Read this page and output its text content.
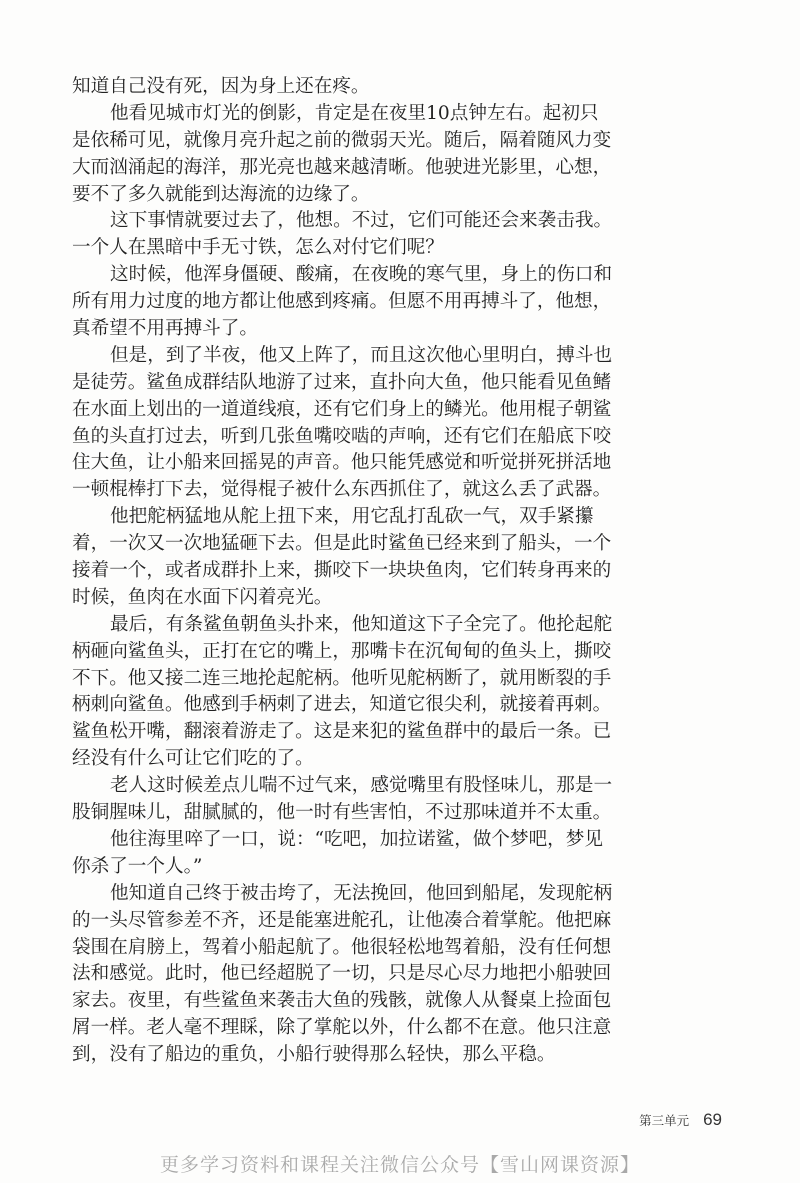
知道自己没有死，因为身上还在疼。
他看见城市灯光的倒影，肯定是在夜里10点钟左右。起初只
是依稀可见，就像月亮升起之前的微弱天光。随后，隔着随风力变
大而汹涌起的海洋，那光亮也越来越清晰。他驶进光影里，心想，
要不了多久就能到达海流的边缘了。
这下事情就要过去了，他想。不过，它们可能还会来袭击我。
一个人在黑暗中手无寸铁，怎么对付它们呢？
这时候，他浑身僵硬、酸痛，在夜晚的寒气里，身上的伤口和
所有用力过度的地方都让他感到疼痛。但愿不用再搏斗了，他想，
真希望不用再搏斗了。
但是，到了半夜，他又上阵了，而且这次他心里明白，搏斗也
是徒劳。鲨鱼成群结队地游了过来，直扑向大鱼，他只能看见鱼鳍
在水面上划出的一道道线痕，还有它们身上的鳞光。他用棍子朝鲨
鱼的头直打过去，听到几张鱼嘴咬啮的声响，还有它们在船底下咬
住大鱼，让小船来回摇晃的声音。他只能凭感觉和听觉拼死拼活地
一顿棍棒打下去，觉得棍子被什么东西抓住了，就这么丢了武器。
他把舵柄猛地从舵上扭下来，用它乱打乱砍一气，双手紧攥
着，一次又一次地猛砸下去。但是此时鲨鱼已经来到了船头，一个
接着一个，或者成群扑上来，撕咬下一块块鱼肉，它们转身再来的
时候，鱼肉在水面下闪着亮光。
最后，有条鲨鱼朝鱼头扑来，他知道这下子全完了。他抡起舵
柄砸向鲨鱼头，正打在它的嘴上，那嘴卡在沉甸甸的鱼头上，撕咬
不下。他又接二连三地抡起舵柄。他听见舵柄断了，就用断裂的手
柄刺向鲨鱼。他感到手柄刺了进去，知道它很尖利，就接着再刺。
鲨鱼松开嘴，翻滚着游走了。这是来犯的鲨鱼群中的最后一条。已
经没有什么可让它们吃的了。
老人这时候差点儿喘不过气来，感觉嘴里有股怪味儿，那是一
股铜腥味儿，甜腻腻的，他一时有些害怕，不过那味道并不太重。
他往海里啐了一口，说：“吃吧，加拉诺鲨，做个梦吧，梦见
你杀了一个人。”
他知道自己终于被击垮了，无法挽回，他回到船尾，发现舵柄
的一头尽管参差不齐，还是能塞进舵孔，让他凑合着掌舵。他把麻
袋围在肩膀上，驾着小船起航了。他很轻松地驾着船，没有任何想
法和感觉。此时，他已经超脱了一切，只是尽心尽力地把小船驶回
家去。夜里，有些鲨鱼来袭击大鱼的残骸，就像人从餐桌上捡面包
屑一样。老人毫不理睬，除了掌舵以外，什么都不在意。他只注意
到，没有了船边的重负，小船行驶得那么轻快，那么平稳。
第三单元 69
更多学习资料和课程关注微信公众号【雪山网课资源】
